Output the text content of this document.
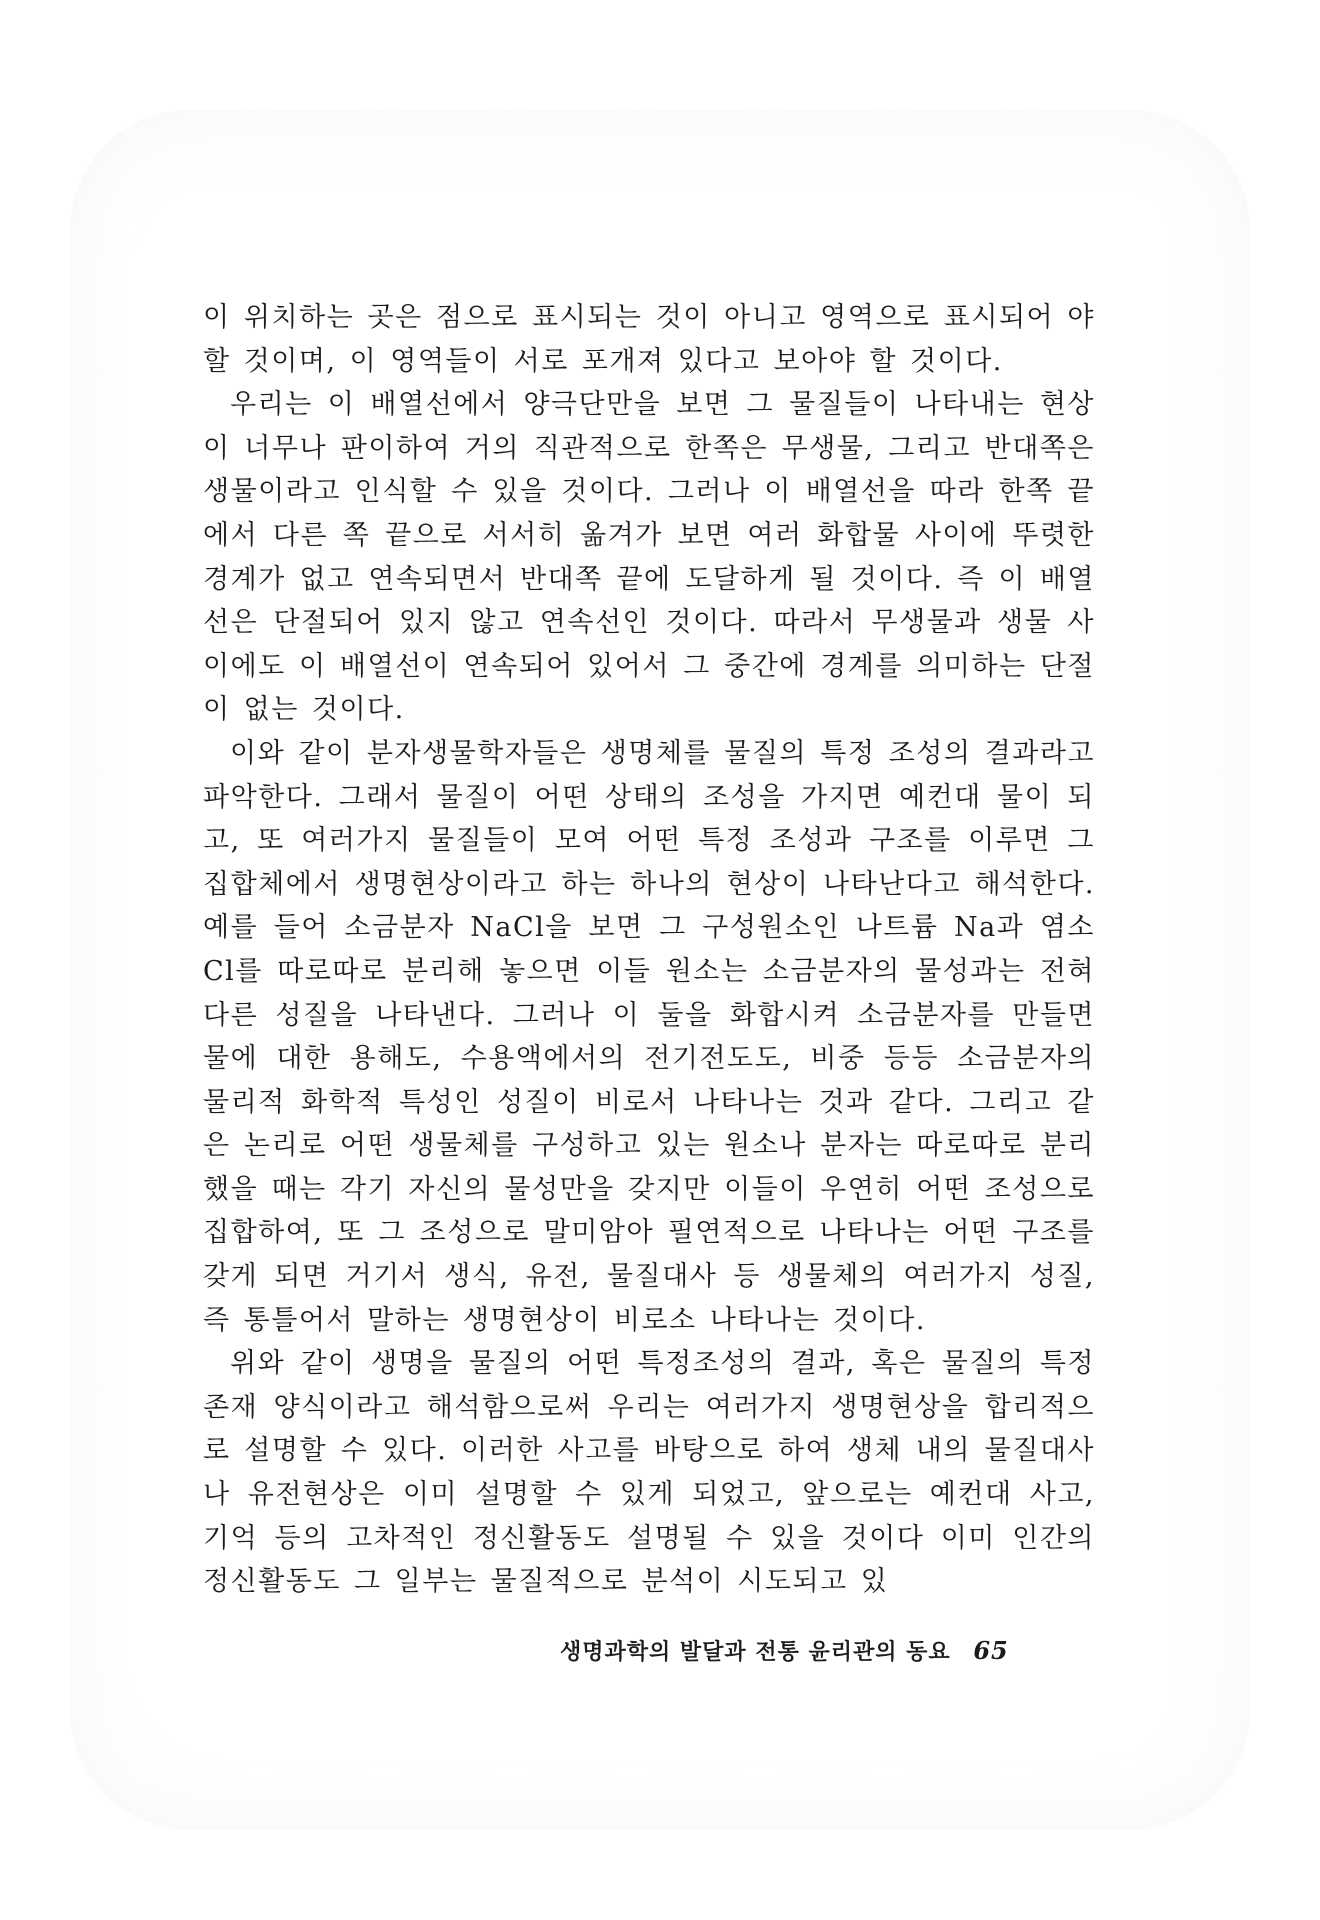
이 위치하는 곳은 점으로 표시되는 것이 아니고 영역으로 표시되어 야 할 것이며, 이 영역들이 서로 포개져 있다고 보아야 할 것이다.

우리는 이 배열선에서 양극단만을 보면 그 물질들이 나타내는 현상이 너무나 판이하여 거의 직관적으로 한쪽은 무생물, 그리고 반대쪽은 생물이라고 인식할 수 있을 것이다. 그러나 이 배열선을 따라 한쪽 끝에서 다른 쪽 끝으로 서서히 옮겨가 보면 여러 화합물 사이에 뚜렷한 경계가 없고 연속되면서 반대쪽 끝에 도달하게 될 것이다. 즉 이 배열선은 단절되어 있지 않고 연속선인 것이다. 따라서 무생물과 생물 사이에도 이 배열선이 연속되어 있어서 그 중간에 경계를 의미하는 단절이 없는 것이다.

이와 같이 분자생물학자들은 생명체를 물질의 특정 조성의 결과라고 파악한다. 그래서 물질이 어떤 상태의 조성을 가지면 예컨대 물이 되고, 또 여러가지 물질들이 모여 어떤 특정 조성과 구조를 이루면 그 집합체에서 생명현상이라고 하는 하나의 현상이 나타난다고 해석한다. 예를 들어 소금분자 NaCl을 보면 그 구성원소인 나트륨 Na과 염소 Cl를 따로따로 분리해 놓으면 이들 원소는 소금분자의 물성과는 전혀 다른 성질을 나타낸다. 그러나 이 둘을 화합시켜 소금분자를 만들면 물에 대한 용해도, 수용액에서의 전기전도도, 비중 등등 소금분자의 물리적 화학적 특성인 성질이 비로서 나타나는 것과 같다. 그리고 같은 논리로 어떤 생물체를 구성하고 있는 원소나 분자는 따로따로 분리했을 때는 각기 자신의 물성만을 갖지만 이들이 우연히 어떤 조성으로 집합하여, 또 그 조성으로 말미암아 필연적으로 나타나는 어떤 구조를 갖게 되면 거기서 생식, 유전, 물질대사 등 생물체의 여러가지 성질, 즉 통틀어서 말하는 생명현상이 비로소 나타나는 것이다.

위와 같이 생명을 물질의 어떤 특정조성의 결과, 혹은 물질의 특정 존재 양식이라고 해석함으로써 우리는 여러가지 생명현상을 합리적으로 설명할 수 있다. 이러한 사고를 바탕으로 하여 생체 내의 물질대사나 유전현상은 이미 설명할 수 있게 되었고, 앞으로는 예컨대 사고, 기억 등의 고차적인 정신활동도 설명될 수 있을 것이다 이미 인간의 정신활동도 그 일부는 물질적으로 분석이 시도되고 있

생명과학의 발달과 전통 윤리관의 동요 65
